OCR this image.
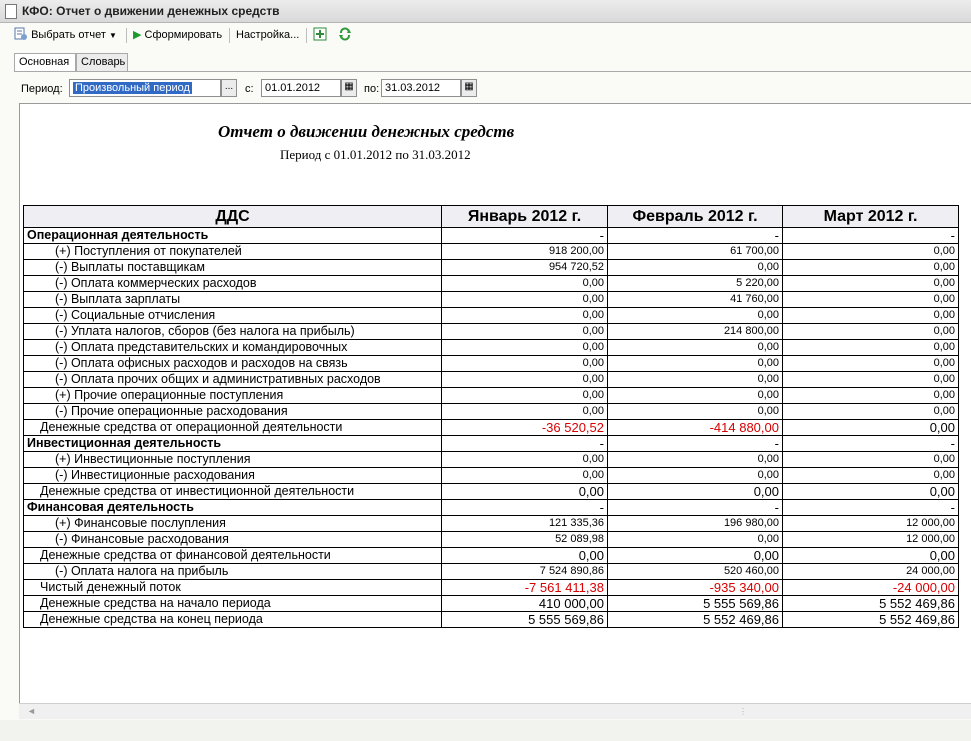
КФО: Отчет о движении денежных средств
Выбрать отчет ▼ ▶ Сформировать Настройка...
Основная	Словарь
Период:	Произвольный период	...	с:	01.01.2012	▦ по: 31.03.2012	▦
Отчет о движении денежных средств
Период с 01.01.2012 по 31.03.2012
ДДС	Январь 2012 г.	Февраль 2012 г.	Март 2012 г.
Операционная деятельность	-	-	-
(+) Поступления от покупателей	918 200,00	61 700,00	0,00
(-) Выплаты поставщикам	954 720,52	0,00	0,00
(-) Оплата коммерческих расходов	0,00	5 220,00	0,00
(-) Выплата зарплаты	0,00	41 760,00	0,00
(-) Социальные отчисления	0,00	0,00	0,00
(-) Уплата налогов, сборов (без налога на прибыль)	0,00	214 800,00	0,00
(-) Оплата представительских и командировочных	0,00	0,00	0,00
(-) Оплата офисных расходов и расходов на связь	0,00	0,00	0,00
(-) Оплата прочих общих и административных расходов	0,00	0,00	0,00
(+) Прочие операционные поступления	0,00	0,00	0,00
(-) Прочие операционные расходования	0,00	0,00	0,00
Денежные средства от операционной деятельности	-36 520,52	-414 880,00	0,00
Инвестиционная деятельность	-	-	-
(+) Инвестиционные поступления	0,00	0,00	0,00
(-) Инвестиционные расходования	0,00	0,00	0,00
Денежные средства от инвестиционной деятельности	0,00	0,00	0,00
Финансовая деятельность	-	-	-
(+) Финансовые послупления	121 335,36	196 980,00	12 000,00
(-) Финансовые расходования	52 089,98	0,00	12 000,00
Денежные средства от финансовой деятельности	0,00	0,00	0,00
(-) Оплата налога на прибыль	7 524 890,86	520 460,00	24 000,00
Чистый денежный поток	-7 561 411,38	-935 340,00	-24 000,00
Денежные средства на начало периода	410 000,00	5 555 569,86	5 552 469,86
Денежные средства на конец периода	5 555 569,86	5 552 469,86	5 552 469,86
◄	⋮
